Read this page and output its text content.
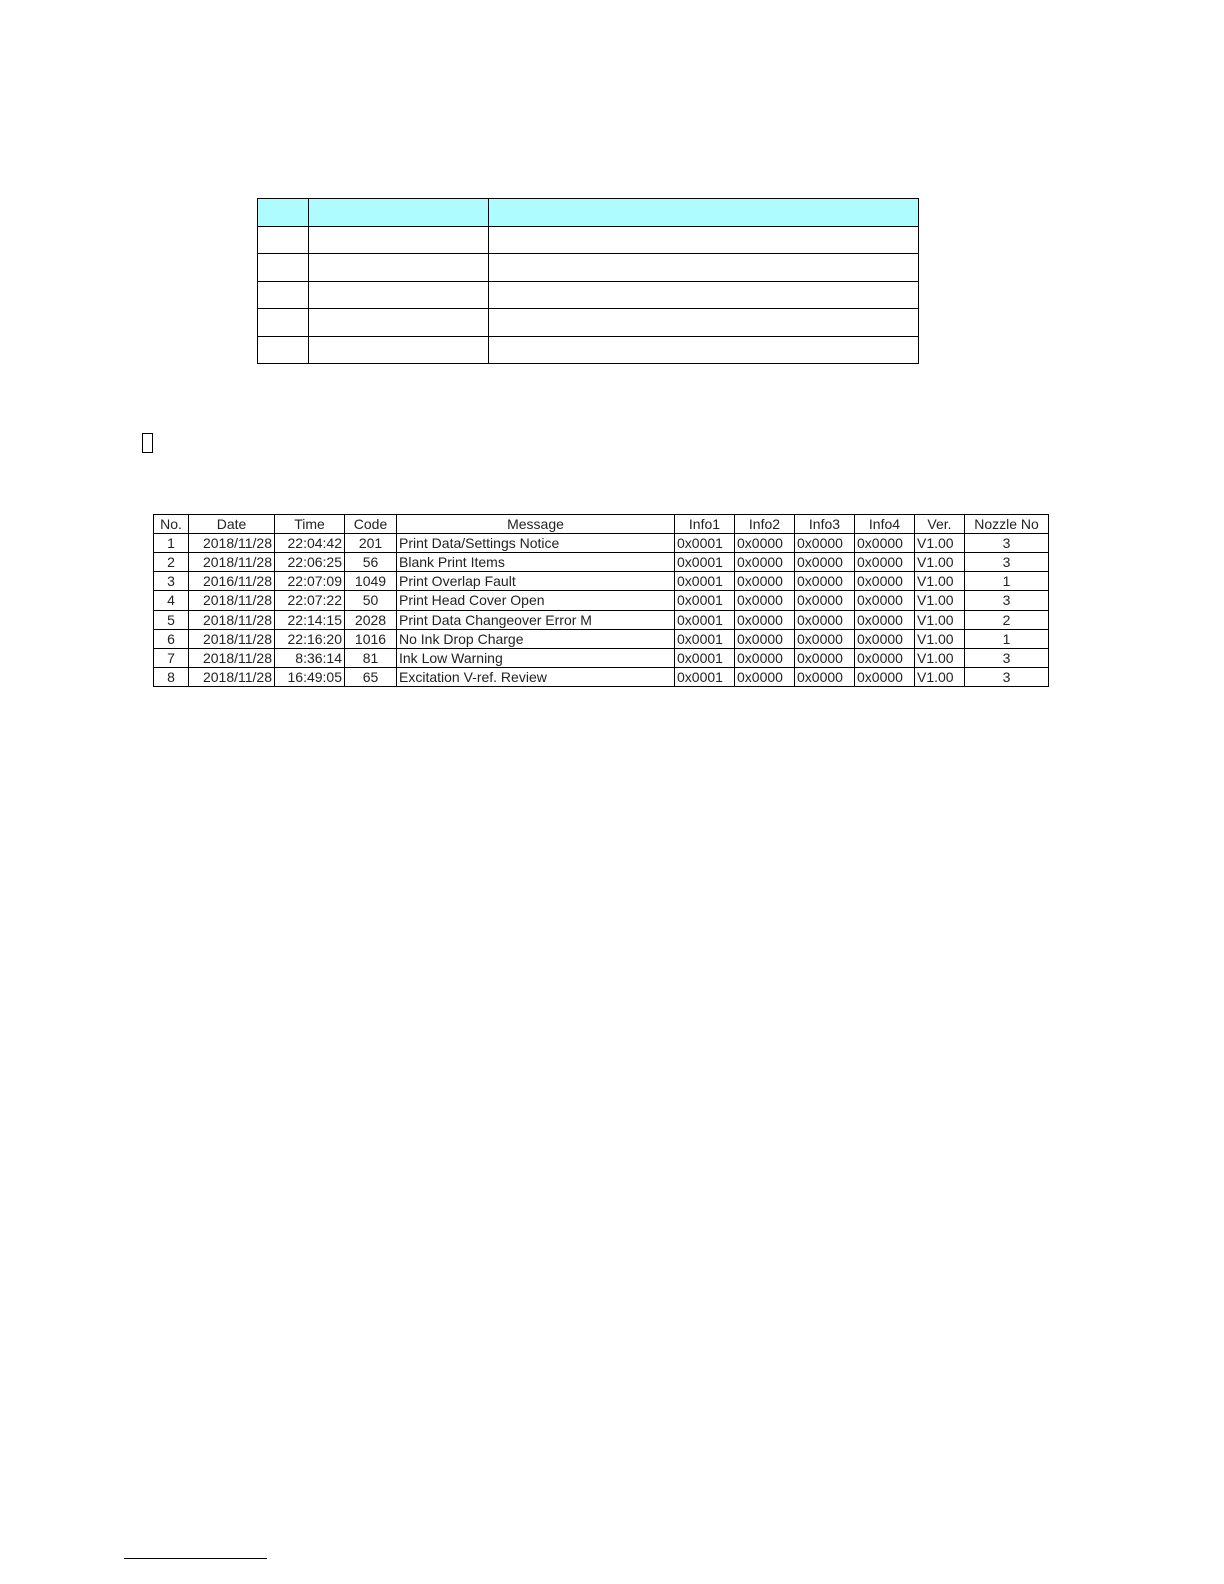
No.	Date	Time	Code	Message	Info1	Info2	Info3	Info4	Ver.	Nozzle No
1	2018/11/28	22:04:42	201	Print Data/Settings Notice	0x0001	0x0000	0x0000	0x0000	V1.00	3
2	2018/11/28	22:06:25	56	Blank Print Items	0x0001	0x0000	0x0000	0x0000	V1.00	3
3	2016/11/28	22:07:09	1049	Print Overlap Fault	0x0001	0x0000	0x0000	0x0000	V1.00	1
4	2018/11/28	22:07:22	50	Print Head Cover Open	0x0001	0x0000	0x0000	0x0000	V1.00	3
5	2018/11/28	22:14:15	2028	Print Data Changeover Error M	0x0001	0x0000	0x0000	0x0000	V1.00	2
6	2018/11/28	22:16:20	1016	No Ink Drop Charge	0x0001	0x0000	0x0000	0x0000	V1.00	1
7	2018/11/28	8:36:14	81	Ink Low Warning	0x0001	0x0000	0x0000	0x0000	V1.00	3
8	2018/11/28	16:49:05	65	Excitation V-ref. Review	0x0001	0x0000	0x0000	0x0000	V1.00	3
